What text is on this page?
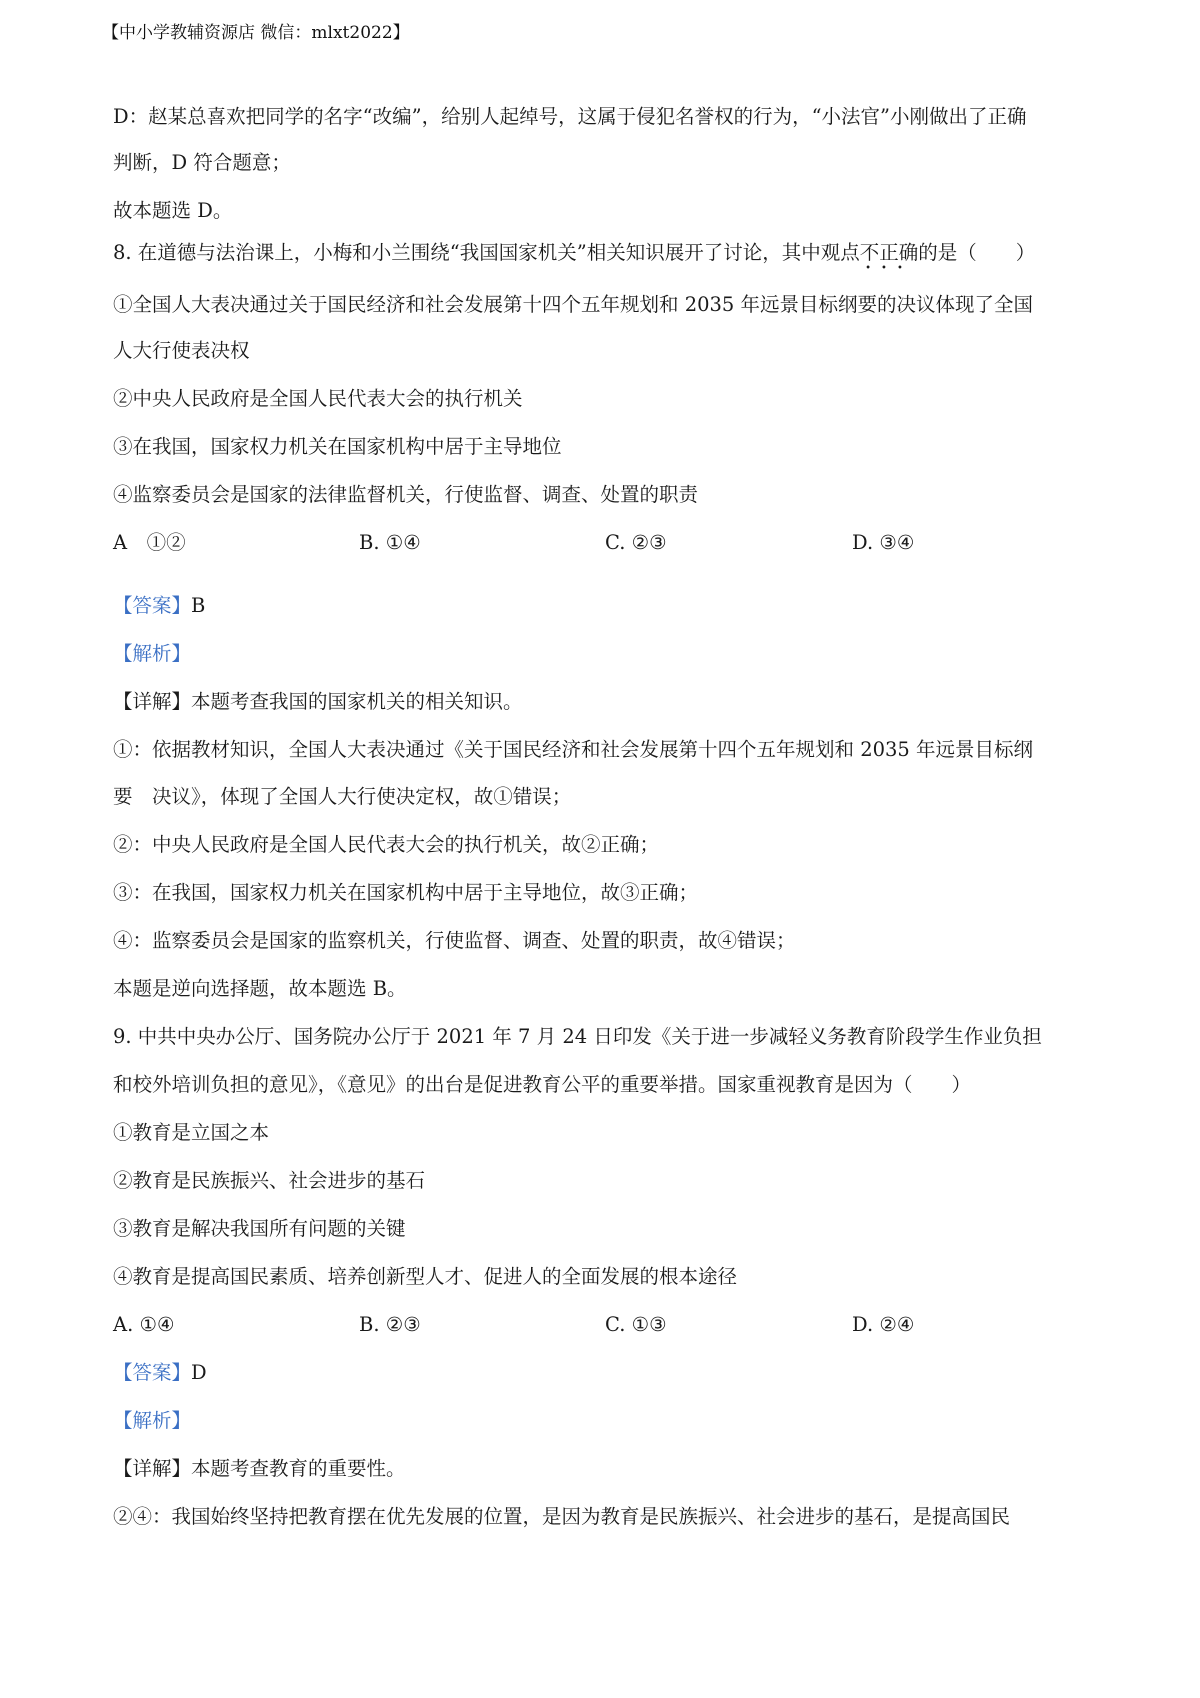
【中小学教辅资源店 微信：mlxt2022】
D：赵某总喜欢把同学的名字“改编”，给别人起绰号，这属于侵犯名誉权的行为，“小法官”小刚做出了正确
判断，D 符合题意；
故本题选 D。
8. 在道德与法治课上，小梅和小兰围绕“我国国家机关”相关知识展开了讨论，其中观点不正确
•••
的是（　　）
①全国人大表决通过关于国民经济和社会发展第十四个五年规划和 2035 年远景目标纲要的决议体现了全国
人大行使表决权
②中央人民政府是全国人民代表大会的执行机关
③在我国，国家权力机关在国家机构中居于主导地位
④监察委员会是国家的法律监督机关，行使监督、调查、处置的职责
A　①②	B. ①④	C. ②③	D. ③④
【答案】B
【解析】
【详解】本题考查我国的国家机关的相关知识。
①：依据教材知识，全国人大表决通过《关于国民经济和社会发展第十四个五年规划和 2035 年远景目标纲
要　决议》，体现了全国人大行使决定权，故①错误；
②：中央人民政府是全国人民代表大会的执行机关，故②正确；
③：在我国，国家权力机关在国家机构中居于主导地位，故③正确；
④：监察委员会是国家的监察机关，行使监督、调查、处置的职责，故④错误；
本题是逆向选择题，故本题选 B。
9. 中共中央办公厅、国务院办公厅于 2021 年 7 月 24 日印发《关于进一步减轻义务教育阶段学生作业负担
和校外培训负担的意见》，《意见》的出台是促进教育公平的重要举措。国家重视教育是因为（　　）
①教育是立国之本
②教育是民族振兴、社会进步的基石
③教育是解决我国所有问题的关键
④教育是提高国民素质、培养创新型人才、促进人的全面发展的根本途径
A. ①④	B. ②③	C. ①③	D. ②④
【答案】D
【解析】
【详解】本题考查教育的重要性。
②④：我国始终坚持把教育摆在优先发展的位置，是因为教育是民族振兴、社会进步的基石，是提高国民
